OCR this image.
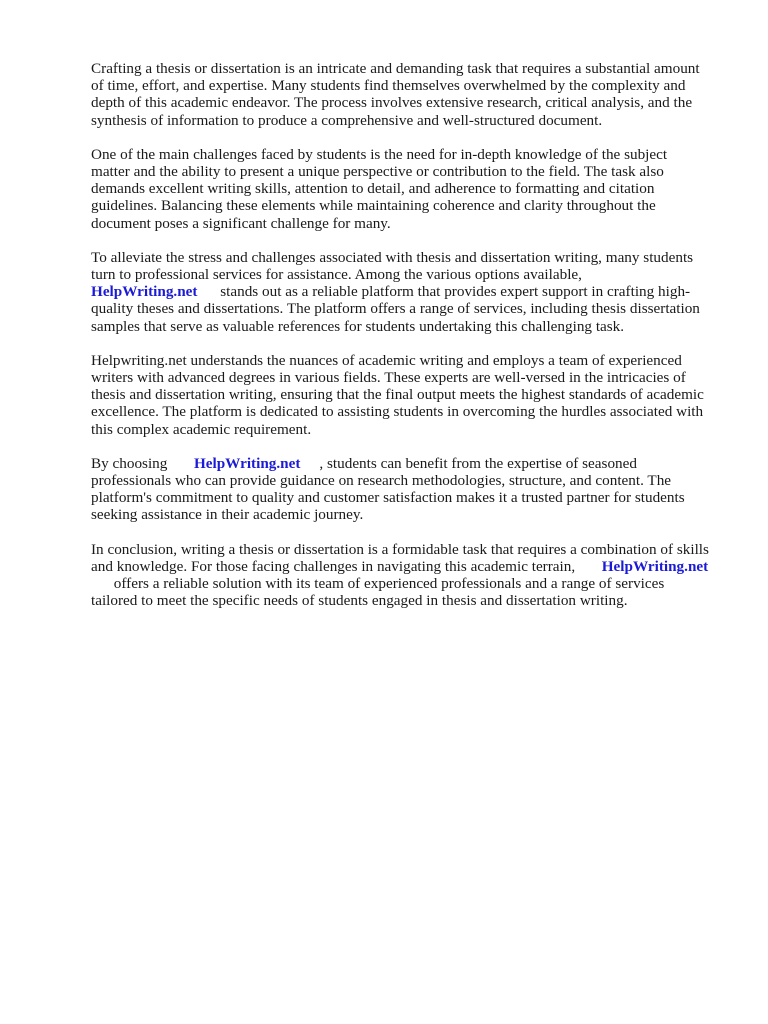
Crafting a thesis or dissertation is an intricate and demanding task that requires a substantial amount
of time, effort, and expertise. Many students find themselves overwhelmed by the complexity and
depth of this academic endeavor. The process involves extensive research, critical analysis, and the
synthesis of information to produce a comprehensive and well-structured document.

One of the main challenges faced by students is the need for in-depth knowledge of the subject
matter and the ability to present a unique perspective or contribution to the field. The task also
demands excellent writing skills, attention to detail, and adherence to formatting and citation
guidelines. Balancing these elements while maintaining coherence and clarity throughout the
document poses a significant challenge for many.

To alleviate the stress and challenges associated with thesis and dissertation writing, many students
turn to professional services for assistance. Among the various options available,
HelpWriting.net stands out as a reliable platform that provides expert support in crafting high-
quality theses and dissertations. The platform offers a range of services, including thesis dissertation
samples that serve as valuable references for students undertaking this challenging task.

Helpwriting.net understands the nuances of academic writing and employs a team of experienced
writers with advanced degrees in various fields. These experts are well-versed in the intricacies of
thesis and dissertation writing, ensuring that the final output meets the highest standards of academic
excellence. The platform is dedicated to assisting students in overcoming the hurdles associated with
this complex academic requirement.

By choosing HelpWriting.net , students can benefit from the expertise of seasoned
professionals who can provide guidance on research methodologies, structure, and content. The
platform's commitment to quality and customer satisfaction makes it a trusted partner for students
seeking assistance in their academic journey.

In conclusion, writing a thesis or dissertation is a formidable task that requires a combination of skills
and knowledge. For those facing challenges in navigating this academic terrain, HelpWriting.net
offers a reliable solution with its team of experienced professionals and a range of services
tailored to meet the specific needs of students engaged in thesis and dissertation writing.
